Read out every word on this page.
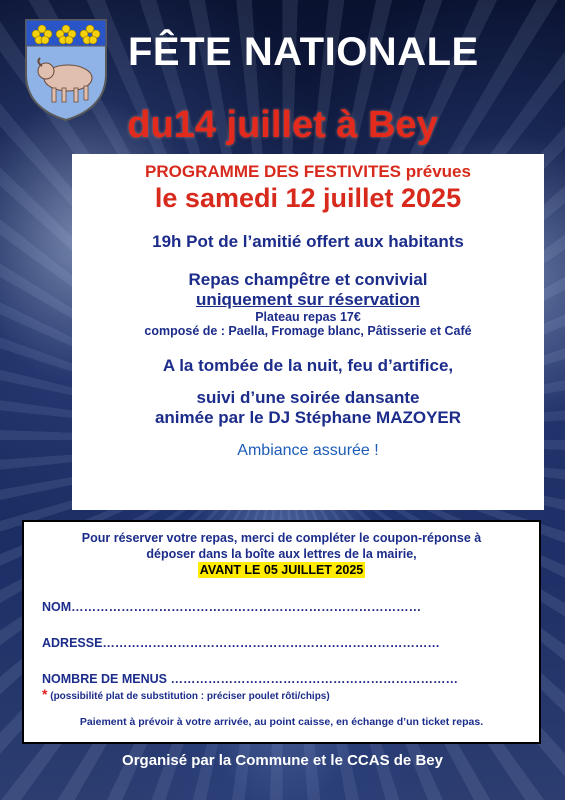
FÊTE NATIONALE
du14 juillet à Bey
PROGRAMME DES FESTIVITES prévues
le samedi 12 juillet 2025
19h Pot de l’amitié offert aux habitants
Repas champêtre et convivial
uniquement sur réservation
Plateau repas 17€
composé de : Paella, Fromage blanc, Pâtisserie et Café
A la tombée de la nuit, feu d’artifice,
suivi d’une soirée dansante
animée par le DJ Stéphane MAZOYER
Ambiance assurée !
Pour réserver votre repas, merci de compléter le coupon-réponse à
déposer dans la boîte aux lettres de la mairie,
AVANT LE 05 JUILLET 2025
NOM…………………………………………………………………………
ADRESSE………………………………………………………………………
NOMBRE DE MENUS ……………………………………………………………
* (possibilité plat de substitution : préciser poulet rôti/chips)
Paiement à prévoir à votre arrivée, au point caisse, en échange d’un ticket repas.
Organisé par la Commune et le CCAS de Bey
